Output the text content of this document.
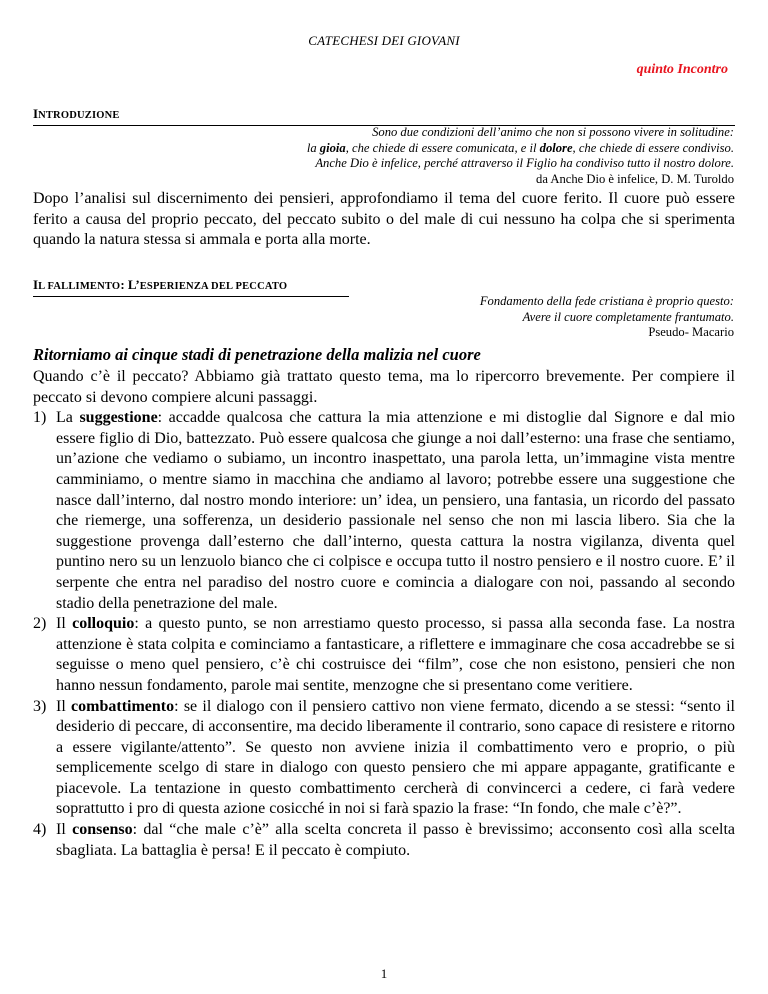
CATECHESI DEI GIOVANI
quinto Incontro
INTRODUZIONE
Sono due condizioni dell’animo che non si possono vivere in solitudine:
la gioia, che chiede di essere comunicata, e il dolore, che chiede di essere condiviso.
Anche Dio è infelice, perché attraverso il Figlio ha condiviso tutto il nostro dolore.
da Anche Dio è infelice, D. M. Turoldo
Dopo l’analisi sul discernimento dei pensieri, approfondiamo il tema del cuore ferito. Il cuore può essere ferito a causa del proprio peccato, del peccato subito o del male di cui nessuno ha colpa che si sperimenta quando la natura stessa si ammala e porta alla morte.
IL FALLIMENTO: L’ESPERIENZA DEL PECCATO
Fondamento della fede cristiana è proprio questo:
Avere il cuore completamente frantumato.
Pseudo- Macario
Ritorniamo ai cinque stadi di penetrazione della malizia nel cuore

Quando c’è il peccato? Abbiamo già trattato questo tema, ma lo ripercorro brevemente. Per compiere il peccato si devono compiere alcuni passaggi.

1) La suggestione: accadde qualcosa che cattura la mia attenzione e mi distoglie dal Signore e dal mio essere figlio di Dio, battezzato. Può essere qualcosa che giunge a noi dall’esterno: una frase che sentiamo, un’azione che vediamo o subiamo, un incontro inaspettato, una parola letta, un’immagine vista mentre camminiamo, o mentre siamo in macchina che andiamo al lavoro; potrebbe essere una suggestione che nasce dall’interno, dal nostro mondo interiore: un’ idea, un pensiero, una fantasia, un ricordo del passato che riemerge, una sofferenza, un desiderio passionale nel senso che non mi lascia libero. Sia che la suggestione provenga dall’esterno che dall’interno, questa cattura la nostra vigilanza, diventa quel puntino nero su un lenzuolo bianco che ci colpisce e occupa tutto il nostro pensiero e il nostro cuore. E’ il serpente che entra nel paradiso del nostro cuore e comincia a dialogare con noi, passando al secondo stadio della penetrazione del male.
2) Il colloquio: a questo punto, se non arrestiamo questo processo, si passa alla seconda fase. La nostra attenzione è stata colpita e cominciamo a fantasticare, a riflettere e immaginare che cosa accadrebbe se si seguisse o meno quel pensiero, c’è chi costruisce dei “film”, cose che non esistono, pensieri che non hanno nessun fondamento, parole mai sentite, menzogne che si presentano come veritiere.
3) Il combattimento: se il dialogo con il pensiero cattivo non viene fermato, dicendo a se stessi: “sento il desiderio di peccare, di acconsentire, ma decido liberamente il contrario, sono capace di resistere e ritorno a essere vigilante/attento”. Se questo non avviene inizia il combattimento vero e proprio, o più semplicemente scelgo di stare in dialogo con questo pensiero che mi appare appagante, gratificante e piacevole. La tentazione in questo combattimento cercherà di convincerci a cedere, ci farà vedere soprattutto i pro di questa azione cosicché in noi si farà spazio la frase: “In fondo, che male c’è?”.
4) Il consenso: dal “che male c’è” alla scelta concreta il passo è brevissimo; acconsento così alla scelta sbagliata. La battaglia è persa! E il peccato è compiuto.
1
